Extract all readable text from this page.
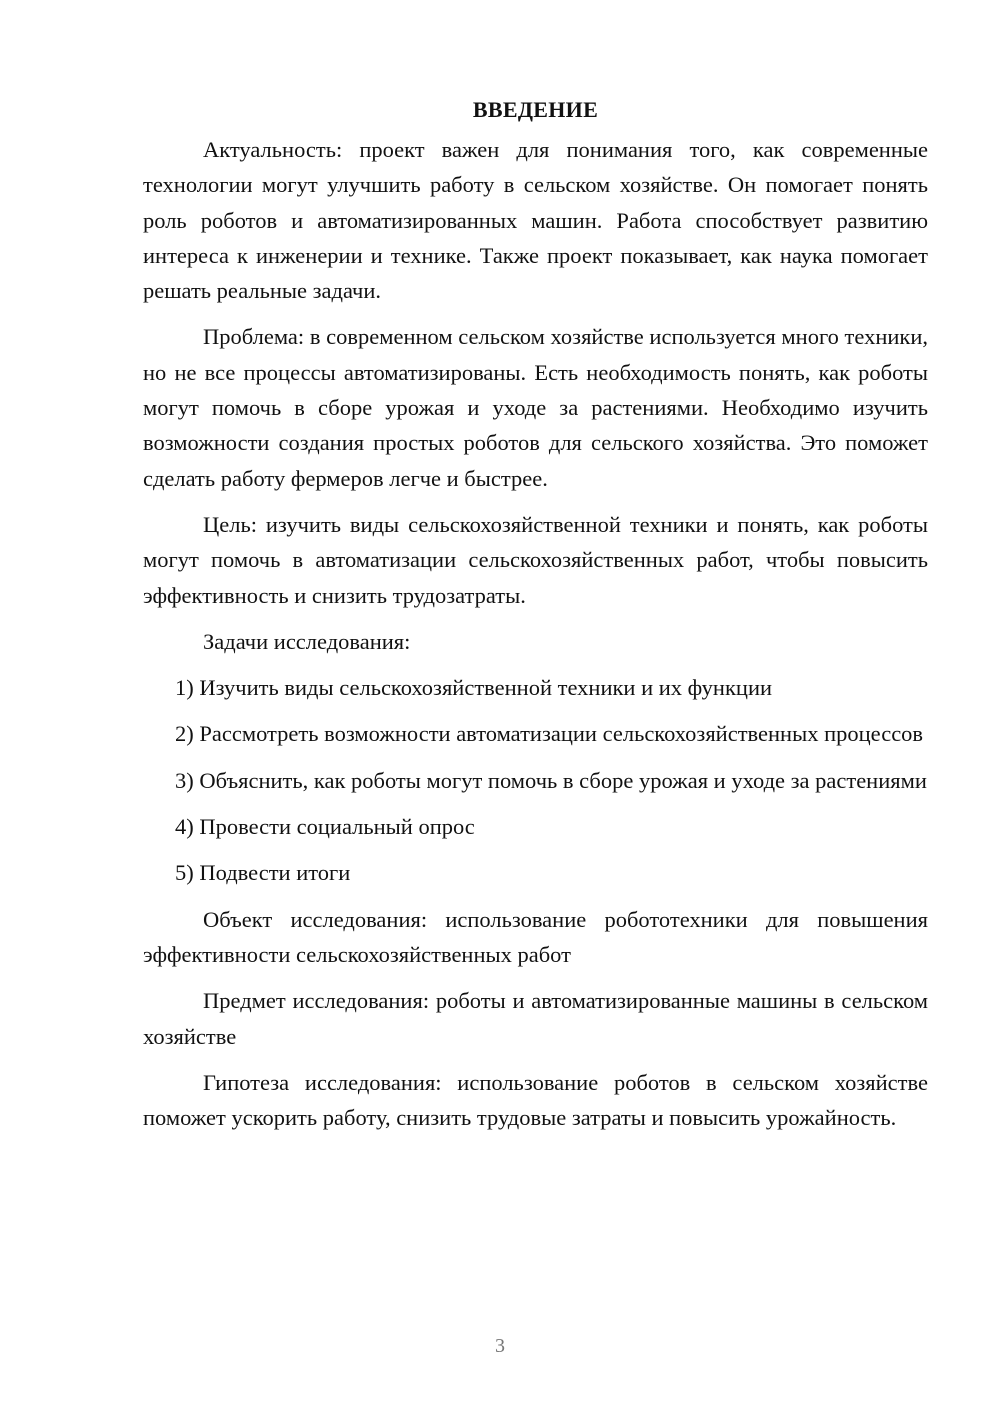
ВВЕДЕНИЕ

Актуальность: проект важен для понимания того, как современные технологии могут улучшить работу в сельском хозяйстве. Он помогает понять роль роботов и автоматизированных машин. Работа способствует развитию интереса к инженерии и технике. Также проект показывает, как наука помогает решать реальные задачи.

Проблема: в современном сельском хозяйстве используется много техники, но не все процессы автоматизированы. Есть необходимость понять, как роботы могут помочь в сборе урожая и уходе за растениями. Необходимо изучить возможности создания простых роботов для сельского хозяйства. Это поможет сделать работу фермеров легче и быстрее.

Цель: изучить виды сельскохозяйственной техники и понять, как роботы могут помочь в автоматизации сельскохозяйственных работ, чтобы повысить эффективность и снизить трудозатраты.

Задачи исследования:

1) Изучить виды сельскохозяйственной техники и их функции
2) Рассмотреть возможности автоматизации сельскохозяйственных процессов
3) Объяснить, как роботы могут помочь в сборе урожая и уходе за растениями
4) Провести социальный опрос
5) Подвести итоги

Объект исследования: использование робототехники для повышения эффективности сельскохозяйственных работ

Предмет исследования: роботы и автоматизированные машины в сельском хозяйстве

Гипотеза исследования: использование роботов в сельском хозяйстве поможет ускорить работу, снизить трудовые затраты и повысить урожайность.

3
